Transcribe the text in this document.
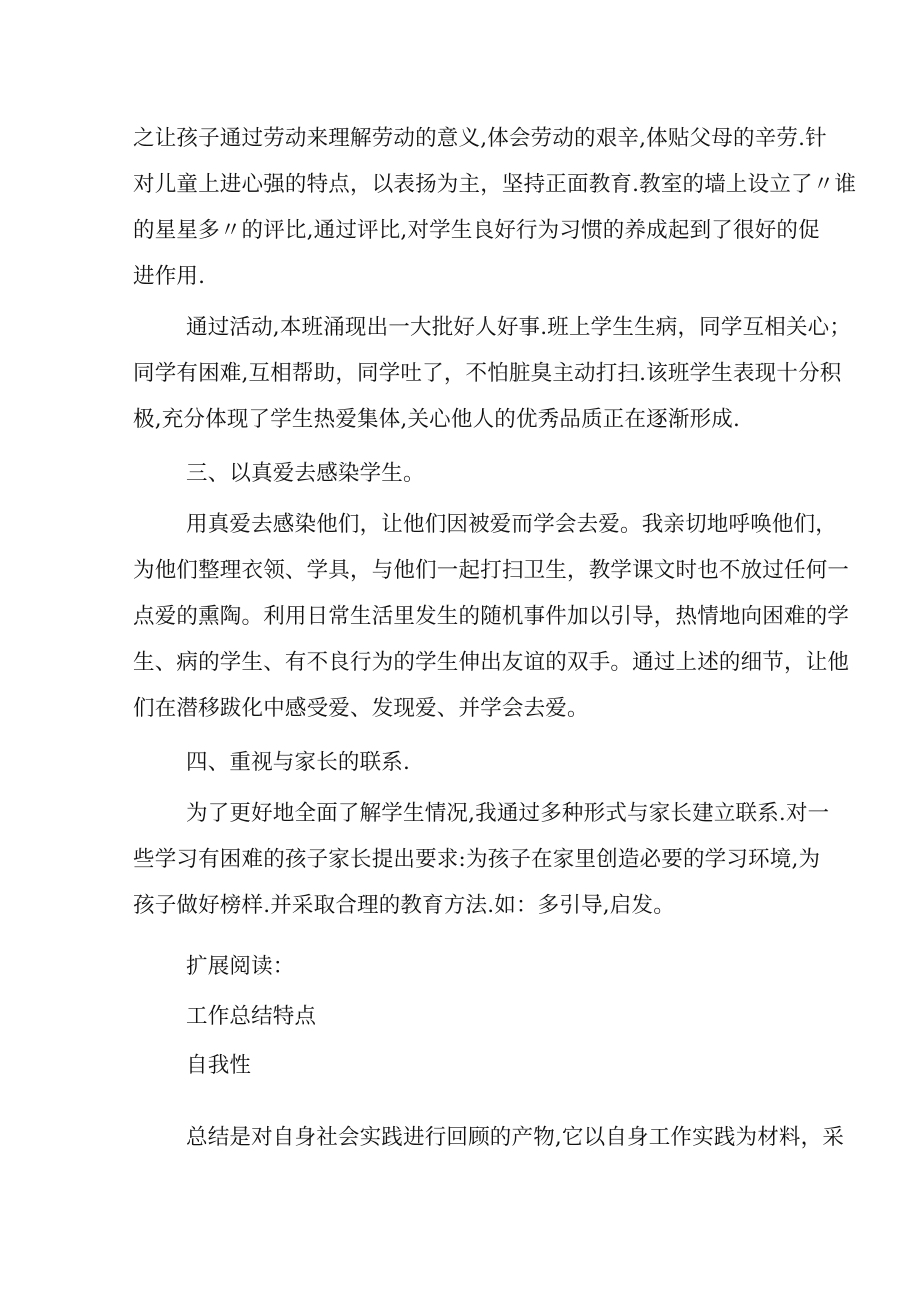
之让孩子通过劳动来理解劳动的意义,体会劳动的艰辛,体贴父母的辛劳.针
对儿童上进心强的特点，以表扬为主，坚持正面教育.教室的墙上设立了〃谁
的星星多〃的评比,通过评比,对学生良好行为习惯的养成起到了很好的促
进作用.
通过活动,本班涌现出一大批好人好事.班上学生生病，同学互相关心；
同学有困难,互相帮助，同学吐了，不怕脏臭主动打扫.该班学生表现十分积
极,充分体现了学生热爱集体,关心他人的优秀品质正在逐渐形成.
三、以真爱去感染学生。
用真爱去感染他们，让他们因被爱而学会去爱。我亲切地呼唤他们，
为他们整理衣领、学具，与他们一起打扫卫生，教学课文时也不放过任何一
点爱的熏陶。利用日常生活里发生的随机事件加以引导，热情地向困难的学
生、病的学生、有不良行为的学生伸出友谊的双手。通过上述的细节，让他
们在潜移跋化中感受爱、发现爱、并学会去爱。
四、重视与家长的联系.
为了更好地全面了解学生情况,我通过多种形式与家长建立联系.对一
些学习有困难的孩子家长提出要求:为孩子在家里创造必要的学习环境,为
孩子做好榜样.并采取合理的教育方法.如：多引导,启发。
扩展阅读：
工作总结特点
自我性
总结是对自身社会实践进行回顾的产物,它以自身工作实践为材料，采
